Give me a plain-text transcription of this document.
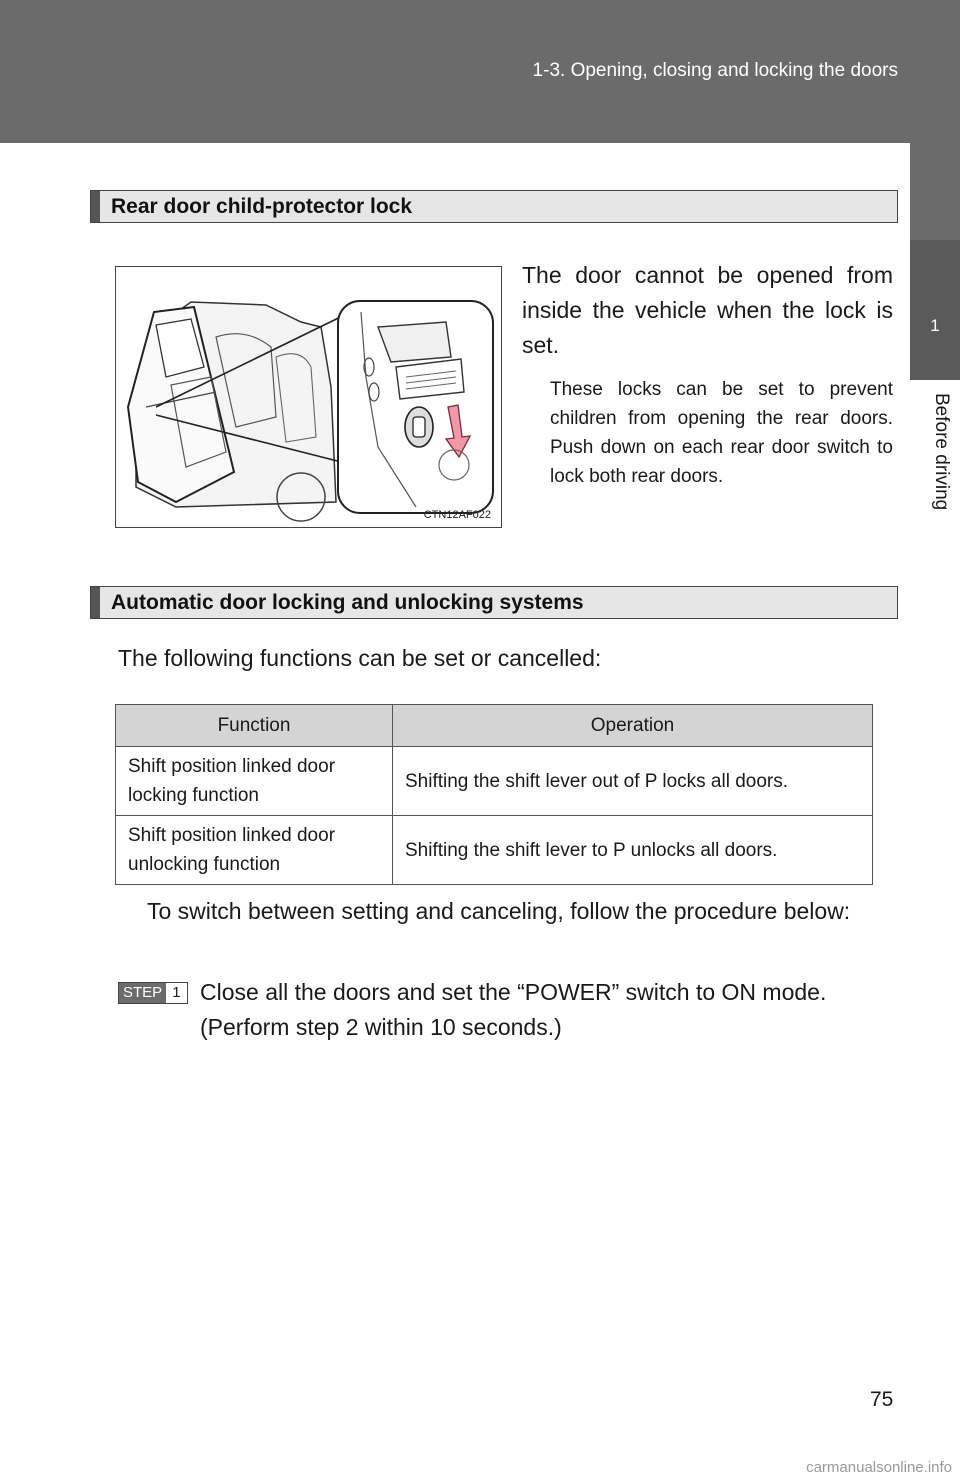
1-3. Opening, closing and locking the doors
1
Before driving
Rear door child-protector lock
CTN12AF022
The door cannot be opened from inside the vehicle when the lock is set.
These locks can be set to prevent children from opening the rear doors. Push down on each rear door switch to lock both rear doors.
Automatic door locking and unlocking systems
The following functions can be set or cancelled:
Function	Operation
Shift position linked door locking function	Shifting the shift lever out of P locks all doors.
Shift position linked door unlocking function	Shifting the shift lever to P unlocks all doors.
To switch between setting and canceling, follow the procedure below:
STEP 1 Close all the doors and set the “POWER” switch to ON mode.
(Perform step 2 within 10 seconds.)
75
carmanualsonline.info
